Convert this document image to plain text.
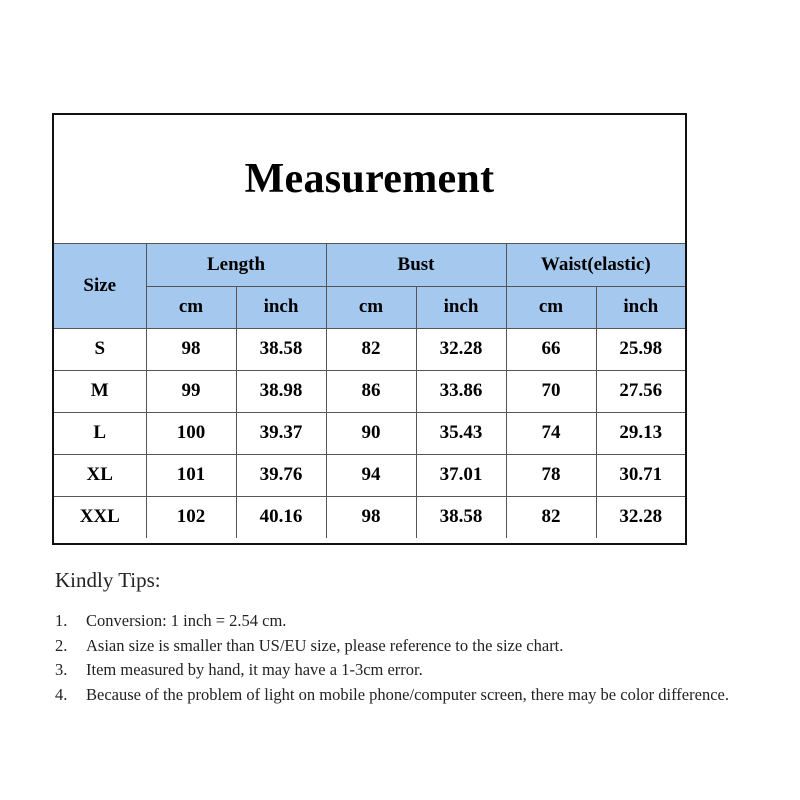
Measurement
Size	Length		Bust		Waist(elastic)	
	cm	inch	cm	inch	cm	inch
S	98	38.58	82	32.28	66	25.98
M	99	38.98	86	33.86	70	27.56
L	100	39.37	90	35.43	74	29.13
XL	101	39.76	94	37.01	78	30.71
XXL	102	40.16	98	38.58	82	32.28
Kindly Tips:
1.	Conversion: 1 inch = 2.54 cm.
2.	Asian size is smaller than US/EU size, please reference to the size chart.
3.	Item measured by hand, it may have a 1-3cm error.
4.	Because of the problem of light on mobile phone/computer screen, there may be color difference.
